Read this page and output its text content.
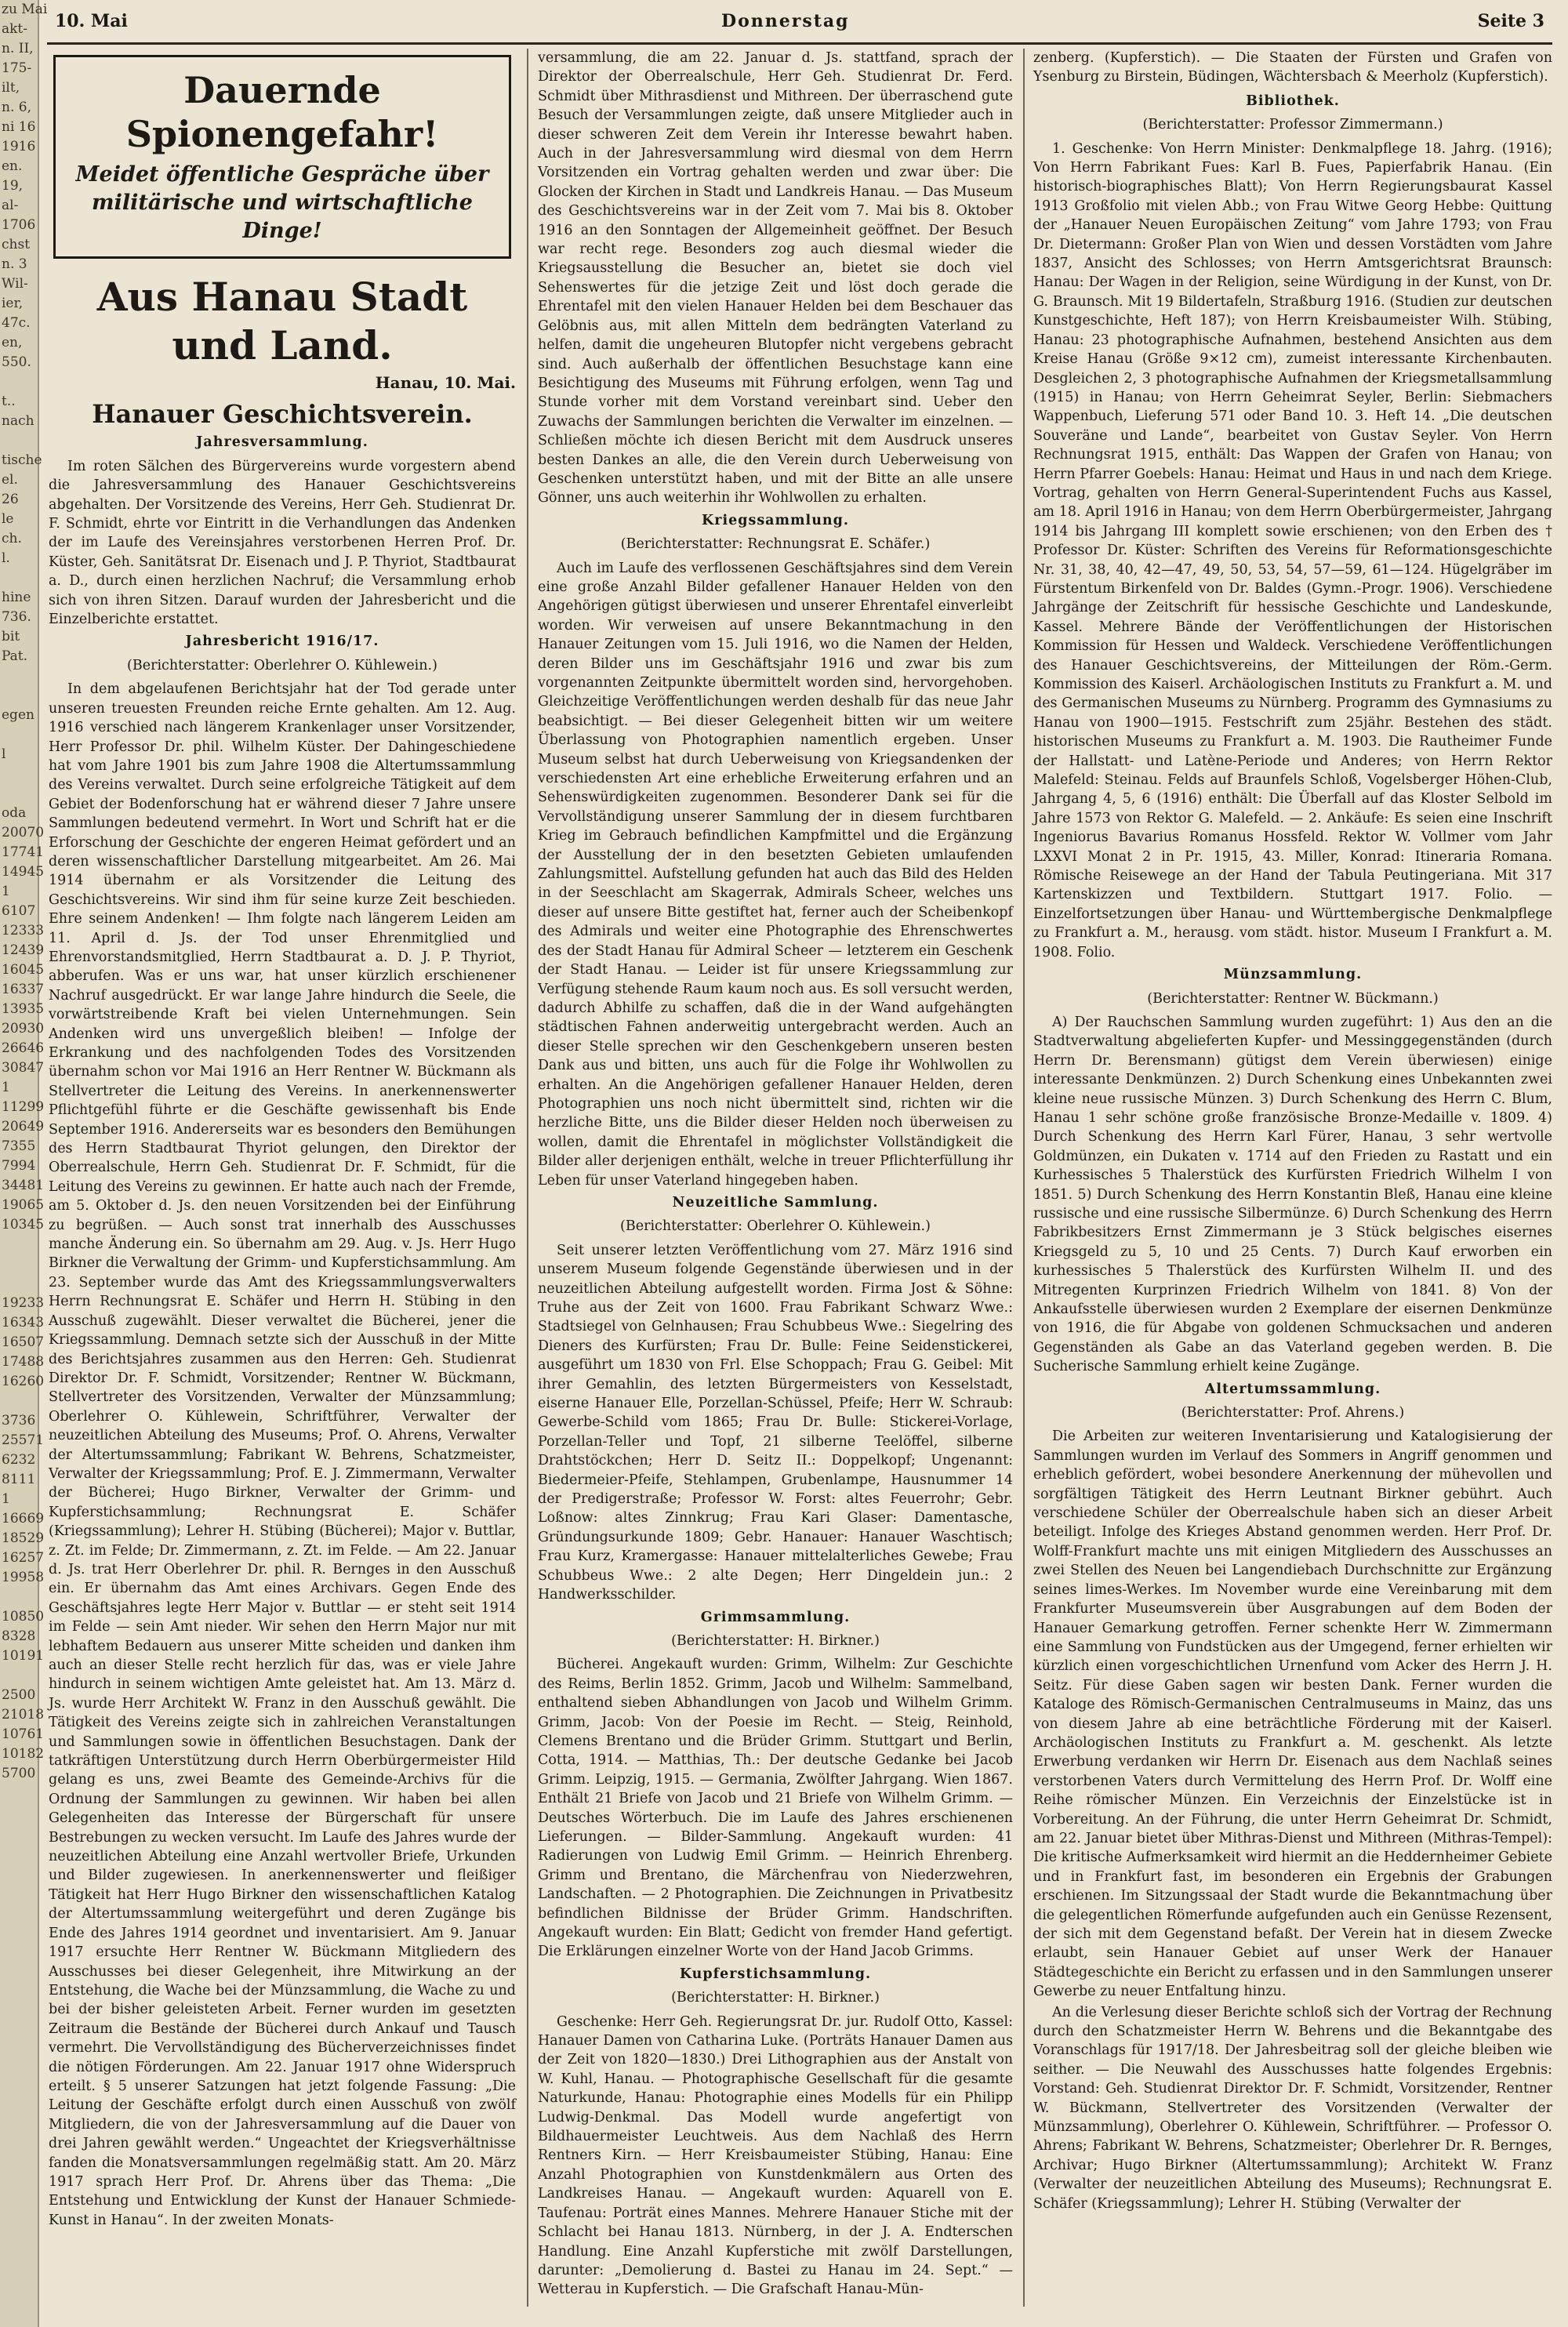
zu Mai
akt-
n. II,
175-
ilt,
n. 6,
ni 16
1916
en.
19,
al-
1706
chst
n. 3
Wil-
ier,
47c.
en,
550.

t..
nach

tische
el.
26
le
ch.
l.

hine
736.
bit
Pat.

egen

l

oda
20070
17741
14945
1
6107
12333
12439
16045
16337
13935
20930
26646
30847
1
11299
20649
7355
7994
34481
19065
10345

19233
16343
16507
17488
16260

3736
25571
6232
8111
1
16669
18529
16257
19958

10850
8328
10191

2500
21018
10761
10182
5700
10. Mai	Donnerstag	Seite 3
Dauernde Spionengefahr!
Meidet öffentliche Gespräche über militärische und wirtschaftliche Dinge!
Aus Hanau Stadt und Land.
Hanau, 10. Mai.
Hanauer Geschichtsverein.
Jahresversammlung.

Im roten Sälchen des Bürgervereins wurde vorgestern abend die Jahresversammlung des Hanauer Geschichtsvereins abgehalten. Der Vorsitzende des Vereins, Herr Geh. Studienrat Dr. F. Schmidt, ehrte vor Eintritt in die Verhandlungen das Andenken der im Laufe des Vereinsjahres verstorbenen Herren Prof. Dr. Küster, Geh. Sanitätsrat Dr. Eisenach und J. P. Thyriot, Stadtbaurat a. D., durch einen herzlichen Nachruf; die Versammlung erhob sich von ihren Sitzen. Darauf wurden der Jahresbericht und die Einzelberichte erstattet.

Jahresbericht 1916/17.
(Berichterstatter: Oberlehrer O. Kühlewein.)

In dem abgelaufenen Berichtsjahr hat der Tod gerade unter unseren treuesten Freunden reiche Ernte gehalten. Am 12. Aug. 1916 verschied nach längerem Krankenlager unser Vorsitzender, Herr Professor Dr. phil. Wilhelm Küster. Der Dahingeschiedene hat vom Jahre 1901 bis zum Jahre 1908 die Altertumssammlung des Vereins verwaltet. Durch seine erfolgreiche Tätigkeit auf dem Gebiet der Bodenforschung hat er während dieser 7 Jahre unsere Sammlungen bedeutend vermehrt. In Wort und Schrift hat er die Erforschung der Geschichte der engeren Heimat gefördert und an deren wissenschaftlicher Darstellung mitgearbeitet. Am 26. Mai 1914 übernahm er als Vorsitzender die Leitung des Geschichtsvereins. Wir sind ihm für seine kurze Zeit beschieden. Ehre seinem Andenken! — Ihm folgte nach längerem Leiden am 11. April d. Js. der Tod unser Ehrenmitglied und Ehrenvorstandsmitglied, Herrn Stadtbaurat a. D. J. P. Thyriot, abberufen. Was er uns war, hat unser kürzlich erschienener Nachruf ausgedrückt. Er war lange Jahre hindurch die Seele, die vorwärtstreibende Kraft bei vielen Unternehmungen. Sein Andenken wird uns unvergeßlich bleiben! — Infolge der Erkrankung und des nachfolgenden Todes des Vorsitzenden übernahm schon vor Mai 1916 an Herr Rentner W. Bückmann als Stellvertreter die Leitung des Vereins. In anerkennenswerter Pflichtgefühl führte er die Geschäfte gewissenhaft bis Ende September 1916. Andererseits war es besonders den Bemühungen des Herrn Stadtbaurat Thyriot gelungen, den Direktor der Oberrealschule, Herrn Geh. Studienrat Dr. F. Schmidt, für die Leitung des Vereins zu gewinnen. Er hatte auch nach der Fremde, am 5. Oktober d. Js. den neuen Vorsitzenden bei der Einführung zu begrüßen. — Auch sonst trat innerhalb des Ausschusses manche Änderung ein. So übernahm am 29. Aug. v. Js. Herr Hugo Birkner die Verwaltung der Grimm- und Kupferstichsammlung. Am 23. September wurde das Amt des Kriegssammlungsverwalters Herrn Rechnungsrat E. Schäfer und Herrn H. Stübing in den Ausschuß zugewählt. Dieser verwaltet die Bücherei, jener die Kriegssammlung. Demnach setzte sich der Ausschuß in der Mitte des Berichtsjahres zusammen aus den Herren: Geh. Studienrat Direktor Dr. F. Schmidt, Vorsitzender; Rentner W. Bückmann, Stellvertreter des Vorsitzenden, Verwalter der Münzsammlung; Oberlehrer O. Kühlewein, Schriftführer, Verwalter der neuzeitlichen Abteilung des Museums; Prof. O. Ahrens, Verwalter der Altertumssammlung; Fabrikant W. Behrens, Schatzmeister, Verwalter der Kriegssammlung; Prof. E. J. Zimmermann, Verwalter der Bücherei; Hugo Birkner, Verwalter der Grimm- und Kupferstichsammlung; Rechnungsrat E. Schäfer (Kriegssammlung); Lehrer H. Stübing (Bücherei); Major v. Buttlar, z. Zt. im Felde; Dr. Zimmermann, z. Zt. im Felde. — Am 22. Januar d. Js. trat Herr Oberlehrer Dr. phil. R. Bernges in den Ausschuß ein. Er übernahm das Amt eines Archivars. Gegen Ende des Geschäftsjahres legte Herr Major v. Buttlar — er steht seit 1914 im Felde — sein Amt nieder. Wir sehen den Herrn Major nur mit lebhaftem Bedauern aus unserer Mitte scheiden und danken ihm auch an dieser Stelle recht herzlich für das, was er viele Jahre hindurch in seinem wichtigen Amte geleistet hat. Am 13. März d. Js. wurde Herr Architekt W. Franz in den Ausschuß gewählt. Die Tätigkeit des Vereins zeigte sich in zahlreichen Veranstaltungen und Sammlungen sowie in öffentlichen Besuchstagen. Dank der tatkräftigen Unterstützung durch Herrn Oberbürgermeister Hild gelang es uns, zwei Beamte des Gemeinde-Archivs für die Ordnung der Sammlungen zu gewinnen. Wir haben bei allen Gelegenheiten das Interesse der Bürgerschaft für unsere Bestrebungen zu wecken versucht. Im Laufe des Jahres wurde der neuzeitlichen Abteilung eine Anzahl wertvoller Briefe, Urkunden und Bilder zugewiesen. In anerkennenswerter und fleißiger Tätigkeit hat Herr Hugo Birkner den wissenschaftlichen Katalog der Altertumssammlung weitergeführt und deren Zugänge bis Ende des Jahres 1914 geordnet und inventarisiert. Am 9. Januar 1917 ersuchte Herr Rentner W. Bückmann Mitgliedern des Ausschusses bei dieser Gelegenheit, ihre Mitwirkung an der Entstehung, die Wache bei der Münzsammlung, die Wache zu und bei der bisher geleisteten Arbeit. Ferner wurden im gesetzten Zeitraum die Bestände der Bücherei durch Ankauf und Tausch vermehrt. Die Vervollständigung des Bücherverzeichnisses findet die nötigen Förderungen. Am 22. Januar 1917 ohne Widerspruch erteilt. § 5 unserer Satzungen hat jetzt folgende Fassung: „Die Leitung der Geschäfte erfolgt durch einen Ausschuß von zwölf Mitgliedern, die von der Jahresversammlung auf die Dauer von drei Jahren gewählt werden.“ Ungeachtet der Kriegsverhältnisse fanden die Monatsversammlungen regelmäßig statt. Am 20. März 1917 sprach Herr Prof. Dr. Ahrens über das Thema: „Die Entstehung und Entwicklung der Kunst der Hanauer Schmiede-Kunst in Hanau“. In der zweiten Monats-

versammlung, die am 22. Januar d. Js. stattfand, sprach der Direktor der Oberrealschule, Herr Geh. Studienrat Dr. Ferd. Schmidt über Mithrasdienst und Mithreen. Der überraschend gute Besuch der Versammlungen zeigte, daß unsere Mitglieder auch in dieser schweren Zeit dem Verein ihr Interesse bewahrt haben. Auch in der Jahresversammlung wird diesmal von dem Herrn Vorsitzenden ein Vortrag gehalten werden und zwar über: Die Glocken der Kirchen in Stadt und Landkreis Hanau. — Das Museum des Geschichtsvereins war in der Zeit vom 7. Mai bis 8. Oktober 1916 an den Sonntagen der Allgemeinheit geöffnet. Der Besuch war recht rege. Besonders zog auch diesmal wieder die Kriegsausstellung die Besucher an, bietet sie doch viel Sehenswertes für die jetzige Zeit und löst doch gerade die Ehrentafel mit den vielen Hanauer Helden bei dem Beschauer das Gelöbnis aus, mit allen Mitteln dem bedrängten Vaterland zu helfen, damit die ungeheuren Blutopfer nicht vergebens gebracht sind. Auch außerhalb der öffentlichen Besuchstage kann eine Besichtigung des Museums mit Führung erfolgen, wenn Tag und Stunde vorher mit dem Vorstand vereinbart sind. Ueber den Zuwachs der Sammlungen berichten die Verwalter im einzelnen. — Schließen möchte ich diesen Bericht mit dem Ausdruck unseres besten Dankes an alle, die den Verein durch Ueberweisung von Geschenken unterstützt haben, und mit der Bitte an alle unsere Gönner, uns auch weiterhin ihr Wohlwollen zu erhalten.

Kriegssammlung.
(Berichterstatter: Rechnungsrat E. Schäfer.)

Auch im Laufe des verflossenen Geschäftsjahres sind dem Verein eine große Anzahl Bilder gefallener Hanauer Helden von den Angehörigen gütigst überwiesen und unserer Ehrentafel einverleibt worden. Wir verweisen auf unsere Bekanntmachung in den Hanauer Zeitungen vom 15. Juli 1916, wo die Namen der Helden, deren Bilder uns im Geschäftsjahr 1916 und zwar bis zum vorgenannten Zeitpunkte übermittelt worden sind, hervorgehoben. Gleichzeitige Veröffentlichungen werden deshalb für das neue Jahr beabsichtigt. — Bei dieser Gelegenheit bitten wir um weitere Überlassung von Photographien namentlich ergeben. Unser Museum selbst hat durch Ueberweisung von Kriegsandenken der verschiedensten Art eine erhebliche Erweiterung erfahren und an Sehenswürdigkeiten zugenommen. Besonderer Dank sei für die Vervollständigung unserer Sammlung der in diesem furchtbaren Krieg im Gebrauch befindlichen Kampfmittel und die Ergänzung der Ausstellung der in den besetzten Gebieten umlaufenden Zahlungsmittel. Aufstellung gefunden hat auch das Bild des Helden in der Seeschlacht am Skagerrak, Admirals Scheer, welches uns dieser auf unsere Bitte gestiftet hat, ferner auch der Scheibenkopf des Admirals und weiter eine Photographie des Ehrenschwertes des der Stadt Hanau für Admiral Scheer — letzterem ein Geschenk der Stadt Hanau. — Leider ist für unsere Kriegssammlung zur Verfügung stehende Raum kaum noch aus. Es soll versucht werden, dadurch Abhilfe zu schaffen, daß die in der Wand aufgehängten städtischen Fahnen anderweitig untergebracht werden. Auch an dieser Stelle sprechen wir den Geschenkgebern unseren besten Dank aus und bitten, uns auch für die Folge ihr Wohlwollen zu erhalten. An die Angehörigen gefallener Hanauer Helden, deren Photographien uns noch nicht übermittelt sind, richten wir die herzliche Bitte, uns die Bilder dieser Helden noch überweisen zu wollen, damit die Ehrentafel in möglichster Vollständigkeit die Bilder aller derjenigen enthält, welche in treuer Pflichterfüllung ihr Leben für unser Vaterland hingegeben haben.

Neuzeitliche Sammlung.
(Berichterstatter: Oberlehrer O. Kühlewein.)

Seit unserer letzten Veröffentlichung vom 27. März 1916 sind unserem Museum folgende Gegenstände überwiesen und in der neuzeitlichen Abteilung aufgestellt worden. Firma Jost & Söhne: Truhe aus der Zeit von 1600. Frau Fabrikant Schwarz Wwe.: Stadtsiegel von Gelnhausen; Frau Schubbeus Wwe.: Siegelring des Dieners des Kurfürsten; Frau Dr. Bulle: Feine Seidenstickerei, ausgeführt um 1830 von Frl. Else Schoppach; Frau G. Geibel: Mit ihrer Gemahlin, des letzten Bürgermeisters von Kesselstadt, eiserne Hanauer Elle, Porzellan-Schüssel, Pfeife; Herr W. Schraub: Gewerbe-Schild vom 1865; Frau Dr. Bulle: Stickerei-Vorlage, Porzellan-Teller und Topf, 21 silberne Teelöffel, silberne Drahtstöckchen; Herr D. Seitz II.: Doppelkopf; Ungenannt: Biedermeier-Pfeife, Stehlampen, Grubenlampe, Hausnummer 14 der Predigerstraße; Professor W. Forst: altes Feuerrohr; Gebr. Loßnow: altes Zinnkrug; Frau Kari Glaser: Damentasche, Gründungsurkunde 1809; Gebr. Hanauer: Hanauer Waschtisch; Frau Kurz, Kramergasse: Hanauer mittelalterliches Gewebe; Frau Schubbeus Wwe.: 2 alte Degen; Herr Dingeldein jun.: 2 Handwerksschilder.

Grimmsammlung.
(Berichterstatter: H. Birkner.)

Bücherei. Angekauft wurden: Grimm, Wilhelm: Zur Geschichte des Reims, Berlin 1852. Grimm, Jacob und Wilhelm: Sammelband, enthaltend sieben Abhandlungen von Jacob und Wilhelm Grimm. Grimm, Jacob: Von der Poesie im Recht. — Steig, Reinhold, Clemens Brentano und die Brüder Grimm. Stuttgart und Berlin, Cotta, 1914. — Matthias, Th.: Der deutsche Gedanke bei Jacob Grimm. Leipzig, 1915. — Germania, Zwölfter Jahrgang. Wien 1867. Enthält 21 Briefe von Jacob und 21 Briefe von Wilhelm Grimm. — Deutsches Wörterbuch. Die im Laufe des Jahres erschienenen Lieferungen. — Bilder-Sammlung. Angekauft wurden: 41 Radierungen von Ludwig Emil Grimm. — Heinrich Ehrenberg. Grimm und Brentano, die Märchenfrau von Niederzwehren, Landschaften. — 2 Photographien. Die Zeichnungen in Privatbesitz befindlichen Bildnisse der Brüder Grimm. Handschriften. Angekauft wurden: Ein Blatt; Gedicht von fremder Hand gefertigt. Die Erklärungen einzelner Worte von der Hand Jacob Grimms.

Kupferstichsammlung.
(Berichterstatter: H. Birkner.)

Geschenke: Herr Geh. Regierungsrat Dr. jur. Rudolf Otto, Kassel: Hanauer Damen von Catharina Luke. (Porträts Hanauer Damen aus der Zeit von 1820—1830.) Drei Lithographien aus der Anstalt von W. Kuhl, Hanau. — Photographische Gesellschaft für die gesamte Naturkunde, Hanau: Photographie eines Modells für ein Philipp Ludwig-Denkmal. Das Modell wurde angefertigt von Bildhauermeister Leuchtweis. Aus dem Nachlaß des Herrn Rentners Kirn. — Herr Kreisbaumeister Stübing, Hanau: Eine Anzahl Photographien von Kunstdenkmälern aus Orten des Landkreises Hanau. — Angekauft wurden: Aquarell von E. Taufenau: Porträt eines Mannes. Mehrere Hanauer Stiche mit der Schlacht bei Hanau 1813. Nürnberg, in der J. A. Endterschen Handlung. Eine Anzahl Kupferstiche mit zwölf Darstellungen, darunter: „Demolierung d. Bastei zu Hanau im 24. Sept.“ — Wetterau in Kupferstich. — Die Grafschaft Hanau-Mün-

zenberg. (Kupferstich). — Die Staaten der Fürsten und Grafen von Ysenburg zu Birstein, Büdingen, Wächtersbach & Meerholz (Kupferstich).

Bibliothek.
(Berichterstatter: Professor Zimmermann.)

1. Geschenke: Von Herrn Minister: Denkmalpflege 18. Jahrg. (1916); Von Herrn Fabrikant Fues: Karl B. Fues, Papierfabrik Hanau. (Ein historisch-biographisches Blatt); Von Herrn Regierungsbaurat Kassel 1913 Großfolio mit vielen Abb.; von Frau Witwe Georg Hebbe: Quittung der „Hanauer Neuen Europäischen Zeitung“ vom Jahre 1793; von Frau Dr. Dietermann: Großer Plan von Wien und dessen Vorstädten vom Jahre 1837, Ansicht des Schlosses; von Herrn Amtsgerichtsrat Braunsch: Hanau: Der Wagen in der Religion, seine Würdigung in der Kunst, von Dr. G. Braunsch. Mit 19 Bildertafeln, Straßburg 1916. (Studien zur deutschen Kunstgeschichte, Heft 187); von Herrn Kreisbaumeister Wilh. Stübing, Hanau: 23 photographische Aufnahmen, bestehend Ansichten aus dem Kreise Hanau (Größe 9×12 cm), zumeist interessante Kirchenbauten. Desgleichen 2, 3 photographische Aufnahmen der Kriegsmetallsammlung (1915) in Hanau; von Herrn Geheimrat Seyler, Berlin: Siebmachers Wappenbuch, Lieferung 571 oder Band 10. 3. Heft 14. „Die deutschen Souveräne und Lande“, bearbeitet von Gustav Seyler. Von Herrn Rechnungsrat 1915, enthält: Das Wappen der Grafen von Hanau; von Herrn Pfarrer Goebels: Hanau: Heimat und Haus in und nach dem Kriege. Vortrag, gehalten von Herrn General-Superintendent Fuchs aus Kassel, am 18. April 1916 in Hanau; von dem Herrn Oberbürgermeister, Jahrgang 1914 bis Jahrgang III komplett sowie erschienen; von den Erben des † Professor Dr. Küster: Schriften des Vereins für Reformationsgeschichte Nr. 31, 38, 40, 42—47, 49, 50, 53, 54, 57—59, 61—124. Hügelgräber im Fürstentum Birkenfeld von Dr. Baldes (Gymn.-Progr. 1906). Verschiedene Jahrgänge der Zeitschrift für hessische Geschichte und Landeskunde, Kassel. Mehrere Bände der Veröffentlichungen der Historischen Kommission für Hessen und Waldeck. Verschiedene Veröffentlichungen des Hanauer Geschichtsvereins, der Mitteilungen der Röm.-Germ. Kommission des Kaiserl. Archäologischen Instituts zu Frankfurt a. M. und des Germanischen Museums zu Nürnberg. Programm des Gymnasiums zu Hanau von 1900—1915. Festschrift zum 25jähr. Bestehen des städt. historischen Museums zu Frankfurt a. M. 1903. Die Rautheimer Funde der Hallstatt- und Latène-Periode und Anderes; von Herrn Rektor Malefeld: Steinau. Felds auf Braunfels Schloß, Vogelsberger Höhen-Club, Jahrgang 4, 5, 6 (1916) enthält: Die Überfall auf das Kloster Selbold im Jahre 1573 von Rektor G. Malefeld. — 2. Ankäufe: Es seien eine Inschrift Ingeniorus Bavarius Romanus Hossfeld. Rektor W. Vollmer vom Jahr LXXVI Monat 2 in Pr. 1915, 43. Miller, Konrad: Itineraria Romana. Römische Reisewege an der Hand der Tabula Peutingeriana. Mit 317 Kartenskizzen und Textbildern. Stuttgart 1917. Folio. — Einzelfortsetzungen über Hanau- und Württembergische Denkmalpflege zu Frankfurt a. M., herausg. vom städt. histor. Museum I Frankfurt a. M. 1908. Folio.

Münzsammlung.
(Berichterstatter: Rentner W. Bückmann.)

A) Der Rauchschen Sammlung wurden zugeführt: 1) Aus den an die Stadtverwaltung abgelieferten Kupfer- und Messinggegenständen (durch Herrn Dr. Berensmann) gütigst dem Verein überwiesen) einige interessante Denkmünzen. 2) Durch Schenkung eines Unbekannten zwei kleine neue russische Münzen. 3) Durch Schenkung des Herrn C. Blum, Hanau 1 sehr schöne große französische Bronze-Medaille v. 1809. 4) Durch Schenkung des Herrn Karl Fürer, Hanau, 3 sehr wertvolle Goldmünzen, ein Dukaten v. 1714 auf den Frieden zu Rastatt und ein Kurhessisches 5 Thalerstück des Kurfürsten Friedrich Wilhelm I von 1851. 5) Durch Schenkung des Herrn Konstantin Bleß, Hanau eine kleine russische und eine russische Silbermünze. 6) Durch Schenkung des Herrn Fabrikbesitzers Ernst Zimmermann je 3 Stück belgisches eisernes Kriegsgeld zu 5, 10 und 25 Cents. 7) Durch Kauf erworben ein kurhessisches 5 Thalerstück des Kurfürsten Wilhelm II. und des Mitregenten Kurprinzen Friedrich Wilhelm von 1841. 8) Von der Ankaufsstelle überwiesen wurden 2 Exemplare der eisernen Denkmünze von 1916, die für Abgabe von goldenen Schmucksachen und anderen Gegenständen als Gabe an das Vaterland gegeben werden. B. Die Sucherische Sammlung erhielt keine Zugänge.

Altertumssammlung.
(Berichterstatter: Prof. Ahrens.)

Die Arbeiten zur weiteren Inventarisierung und Katalogisierung der Sammlungen wurden im Verlauf des Sommers in Angriff genommen und erheblich gefördert, wobei besondere Anerkennung der mühevollen und sorgfältigen Tätigkeit des Herrn Leutnant Birkner gebührt. Auch verschiedene Schüler der Oberrealschule haben sich an dieser Arbeit beteiligt. Infolge des Krieges Abstand genommen werden. Herr Prof. Dr. Wolff-Frankfurt machte uns mit einigen Mitgliedern des Ausschusses an zwei Stellen des Neuen bei Langendiebach Durchschnitte zur Ergänzung seines limes-Werkes. Im November wurde eine Vereinbarung mit dem Frankfurter Museumsverein über Ausgrabungen auf dem Boden der Hanauer Gemarkung getroffen. Ferner schenkte Herr W. Zimmermann eine Sammlung von Fundstücken aus der Umgegend, ferner erhielten wir kürzlich einen vorgeschichtlichen Urnenfund vom Acker des Herrn J. H. Seitz. Für diese Gaben sagen wir besten Dank. Ferner wurden die Kataloge des Römisch-Germanischen Centralmuseums in Mainz, das uns von diesem Jahre ab eine beträchtliche Förderung mit der Kaiserl. Archäologischen Instituts zu Frankfurt a. M. geschenkt. Als letzte Erwerbung verdanken wir Herrn Dr. Eisenach aus dem Nachlaß seines verstorbenen Vaters durch Vermittelung des Herrn Prof. Dr. Wolff eine Reihe römischer Münzen. Ein Verzeichnis der Einzelstücke ist in Vorbereitung. An der Führung, die unter Herrn Geheimrat Dr. Schmidt, am 22. Januar bietet über Mithras-Dienst und Mithreen (Mithras-Tempel): Die kritische Aufmerksamkeit wird hiermit an die Heddernheimer Gebiete und in Frankfurt fast, im besonderen ein Ergebnis der Grabungen erschienen. Im Sitzungssaal der Stadt wurde die Bekanntmachung über die gelegentlichen Römerfunde aufgefunden auch ein Genüsse Rezensent, der sich mit dem Gegenstand befaßt. Der Verein hat in diesem Zwecke erlaubt, sein Hanauer Gebiet auf unser Werk der Hanauer Städtegeschichte ein Bericht zu erfassen und in den Sammlungen unserer Gewerbe zu neuer Entfaltung hinzu.

An die Verlesung dieser Berichte schloß sich der Vortrag der Rechnung durch den Schatzmeister Herrn W. Behrens und die Bekanntgabe des Voranschlags für 1917/18. Der Jahresbeitrag soll der gleiche bleiben wie seither. — Die Neuwahl des Ausschusses hatte folgendes Ergebnis: Vorstand: Geh. Studienrat Direktor Dr. F. Schmidt, Vorsitzender, Rentner W. Bückmann, Stellvertreter des Vorsitzenden (Verwalter der Münzsammlung), Oberlehrer O. Kühlewein, Schriftführer. — Professor O. Ahrens; Fabrikant W. Behrens, Schatzmeister; Oberlehrer Dr. R. Bernges, Archivar; Hugo Birkner (Altertumssammlung); Architekt W. Franz (Verwalter der neuzeitlichen Abteilung des Museums); Rechnungsrat E. Schäfer (Kriegssammlung); Lehrer H. Stübing (Verwalter der
